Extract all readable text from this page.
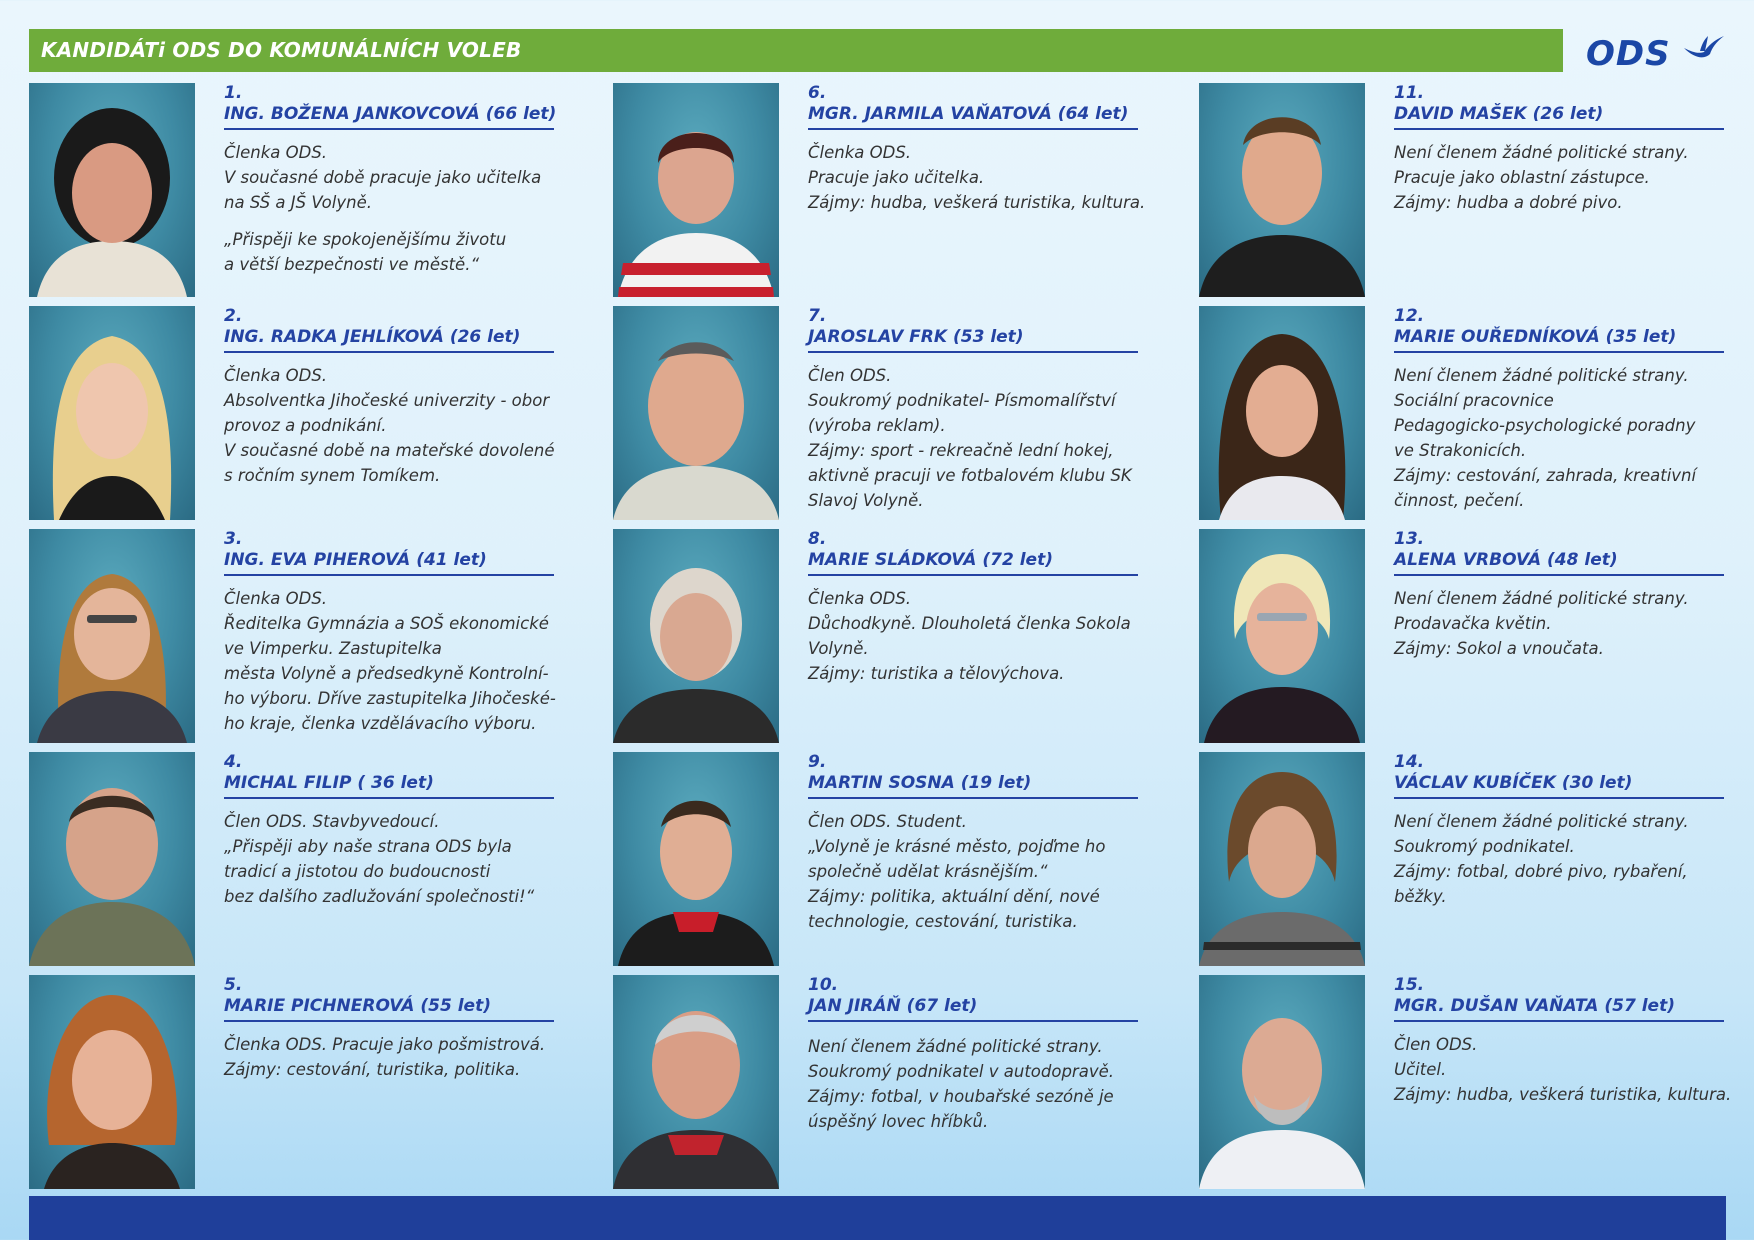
KANDIDÁTi ODS DO KOMUNÁLNÍCH VOLEB	ODS
1.
ING. BOŽENA JANKOVCOVÁ (66 let)
Členka ODS.
V současné době pracuje jako učitelka
na SŠ a JŠ Volyně.
„Přispěji ke spokojenějšímu životu
a větší bezpečnosti ve městě.“
2.
ING. RADKA JEHLÍKOVÁ (26 let)
Členka ODS.
Absolventka Jihočeské univerzity - obor
provoz a podnikání.
V současné době na mateřské dovolené
s ročním synem Tomíkem.
3.
ING. EVA PIHEROVÁ (41 let)
Členka ODS.
Ředitelka Gymnázia a SOŠ ekonomické
ve Vimperku. Zastupitelka
města Volyně a předsedkyně Kontrolní-
ho výboru. Dříve zastupitelka Jihočeské-
ho kraje, členka vzdělávacího výboru.
4.
MICHAL FILIP ( 36 let)
Člen ODS. Stavbyvedoucí.
„Přispěji aby naše strana ODS byla
tradicí a jistotou do budoucnosti
bez dalšího zadlužování společnosti!“
5.
MARIE PICHNEROVÁ (55 let)
Členka ODS. Pracuje jako pošmistrová.
Zájmy: cestování, turistika, politika.
6.
MGR. JARMILA VAŇATOVÁ (64 let)
Členka ODS.
Pracuje jako učitelka.
Zájmy: hudba, veškerá turistika, kultura.
7.
JAROSLAV FRK (53 let)
Člen ODS.
Soukromý podnikatel- Písmomalířství
(výroba reklam).
Zájmy: sport - rekreačně lední hokej,
aktivně pracuji ve fotbalovém klubu SK
Slavoj Volyně.
8.
MARIE SLÁDKOVÁ (72 let)
Členka ODS.
Důchodkyně. Dlouholetá členka Sokola
Volyně.
Zájmy: turistika a tělovýchova.
9.
MARTIN SOSNA (19 let)
Člen ODS. Student.
„Volyně je krásné město, pojďme ho
společně udělat krásnějším.“
Zájmy: politika, aktuální dění, nové
technologie, cestování, turistika.
10.
JAN JIRÁŇ (67 let)
Není členem žádné politické strany.
Soukromý podnikatel v autodopravě.
Zájmy: fotbal, v houbařské sezóně je
úspěšný lovec hříbků.
11.
DAVID MAŠEK (26 let)
Není členem žádné politické strany.
Pracuje jako oblastní zástupce.
Zájmy: hudba a dobré pivo.
12.
MARIE OUŘEDNÍKOVÁ (35 let)
Není členem žádné politické strany.
Sociální pracovnice
Pedagogicko-psychologické poradny
ve Strakonicích.
Zájmy: cestování, zahrada, kreativní
činnost, pečení.
13.
ALENA VRBOVÁ (48 let)
Není členem žádné politické strany.
Prodavačka květin.
Zájmy: Sokol a vnoučata.
14.
VÁCLAV KUBÍČEK (30 let)
Není členem žádné politické strany.
Soukromý podnikatel.
Zájmy: fotbal, dobré pivo, rybaření,
běžky.
15.
MGR. DUŠAN VAŇATA (57 let)
Člen ODS.
Učitel.
Zájmy: hudba, veškerá turistika, kultura.
